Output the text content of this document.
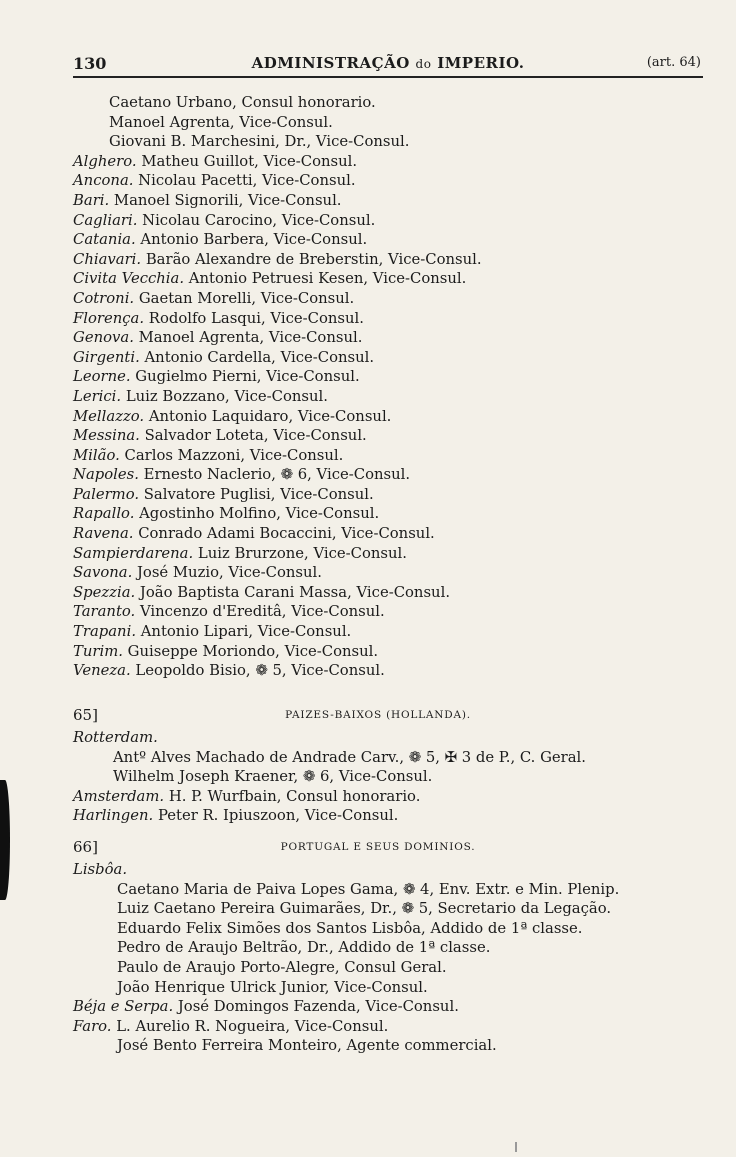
130	ADMINISTRAÇÃO do IMPERIO.	(art. 64)
Caetano Urbano, Consul honorario.
Manoel Agrenta, Vice-Consul.
Giovani B. Marchesini, Dr., Vice-Consul.
Alghero. Matheu Guillot, Vice-Consul.
Ancona. Nicolau Pacetti, Vice-Consul.
Bari. Manoel Signorili, Vice-Consul.
Cagliari. Nicolau Carocino, Vice-Consul.
Catania. Antonio Barbera, Vice-Consul.
Chiavari. Barão Alexandre de Breberstin, Vice-Consul.
Civita Vecchia. Antonio Petruesi Kesen, Vice-Consul.
Cotroni. Gaetan Morelli, Vice-Consul.
Florença. Rodolfo Lasqui, Vice-Consul.
Genova. Manoel Agrenta, Vice-Consul.
Girgenti. Antonio Cardella, Vice-Consul.
Leorne. Gugielmo Pierni, Vice-Consul.
Lerici. Luiz Bozzano, Vice-Consul.
Mellazzo. Antonio Laquidaro, Vice-Consul.
Messina. Salvador Loteta, Vice-Consul.
Milão. Carlos Mazzoni, Vice-Consul.
Napoles. Ernesto Naclerio, ❁ 6, Vice-Consul.
Palermo. Salvatore Puglisi, Vice-Consul.
Rapallo. Agostinho Molfino, Vice-Consul.
Ravena. Conrado Adami Bocaccini, Vice-Consul.
Sampierdarena. Luiz Brurzone, Vice-Consul.
Savona. José Muzio, Vice-Consul.
Spezzia. João Baptista Carani Massa, Vice-Consul.
Taranto. Vincenzo d'Ereditâ, Vice-Consul.
Trapani. Antonio Lipari, Vice-Consul.
Turim. Guiseppe Moriondo, Vice-Consul.
Veneza. Leopoldo Bisio, ❁ 5, Vice-Consul.
65]	PAIZES-BAIXOS (HOLLANDA).
Rotterdam.
Antº Alves Machado de Andrade Carv., ❁ 5, ✠ 3 de P., C. Geral.
Wilhelm Joseph Kraener, ❁ 6, Vice-Consul.
Amsterdam. H. P. Wurfbain, Consul honorario.
Harlingen. Peter R. Ipiuszoon, Vice-Consul.
66]	PORTUGAL E SEUS DOMINIOS.
Lisbôa.
Caetano Maria de Paiva Lopes Gama, ❁ 4, Env. Extr. e Min. Plenip.
Luiz Caetano Pereira Guimarães, Dr., ❁ 5, Secretario da Legação.
Eduardo Felix Simões dos Santos Lisbôa, Addido de 1ª classe.
Pedro de Araujo Beltrão, Dr., Addido de 1ª classe.
Paulo de Araujo Porto-Alegre, Consul Geral.
João Henrique Ulrick Junior, Vice-Consul.
Béja e Serpa. José Domingos Fazenda, Vice-Consul.
Faro. L. Aurelio R. Nogueira, Vice-Consul.
José Bento Ferreira Monteiro, Agente commercial.
